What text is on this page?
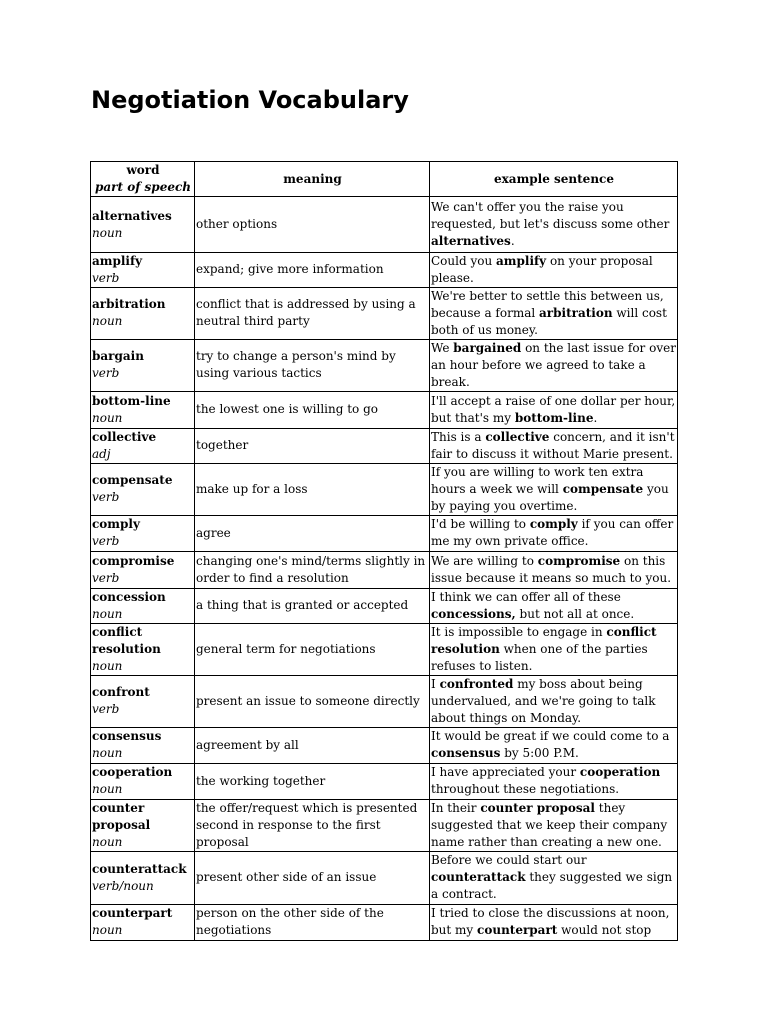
Negotiation Vocabulary
word
part of speech	meaning	example sentence

alternatives
noun	other options	We can't offer you the raise you requested, but let's discuss some other alternatives.

amplify
verb	expand; give more information	Could you amplify on your proposal please.

arbitration
noun	conflict that is addressed by using a neutral third party	We're better to settle this between us, because a formal arbitration will cost both of us money.

bargain
verb	try to change a person's mind by using various tactics	We bargained on the last issue for over an hour before we agreed to take a break.

bottom-line
noun	the lowest one is willing to go	I'll accept a raise of one dollar per hour, but that's my bottom-line.

collective
adj	together	This is a collective concern, and it isn't fair to discuss it without Marie present.

compensate
verb	make up for a loss	If you are willing to work ten extra hours a week we will compensate you by paying you overtime.

comply
verb	agree	I'd be willing to comply if you can offer me my own private office.

compromise
verb	changing one's mind/terms slightly in order to find a resolution	We are willing to compromise on this issue because it means so much to you.

concession
noun	a thing that is granted or accepted	I think we can offer all of these concessions, but not all at once.

conflict resolution
noun	general term for negotiations	It is impossible to engage in conflict resolution when one of the parties refuses to listen.

confront
verb	present an issue to someone directly	I confronted my boss about being undervalued, and we're going to talk about things on Monday.

consensus
noun	agreement by all	It would be great if we could come to a consensus by 5:00 P.M.

cooperation
noun	the working together	I have appreciated your cooperation throughout these negotiations.

counter proposal
noun	the offer/request which is presented second in response to the first proposal	In their counter proposal they suggested that we keep their company name rather than creating a new one.

counterattack
verb/noun	present other side of an issue	Before we could start our counterattack they suggested we sign a contract.

counterpart
noun	person on the other side of the negotiations	I tried to close the discussions at noon, but my counterpart would not stop
